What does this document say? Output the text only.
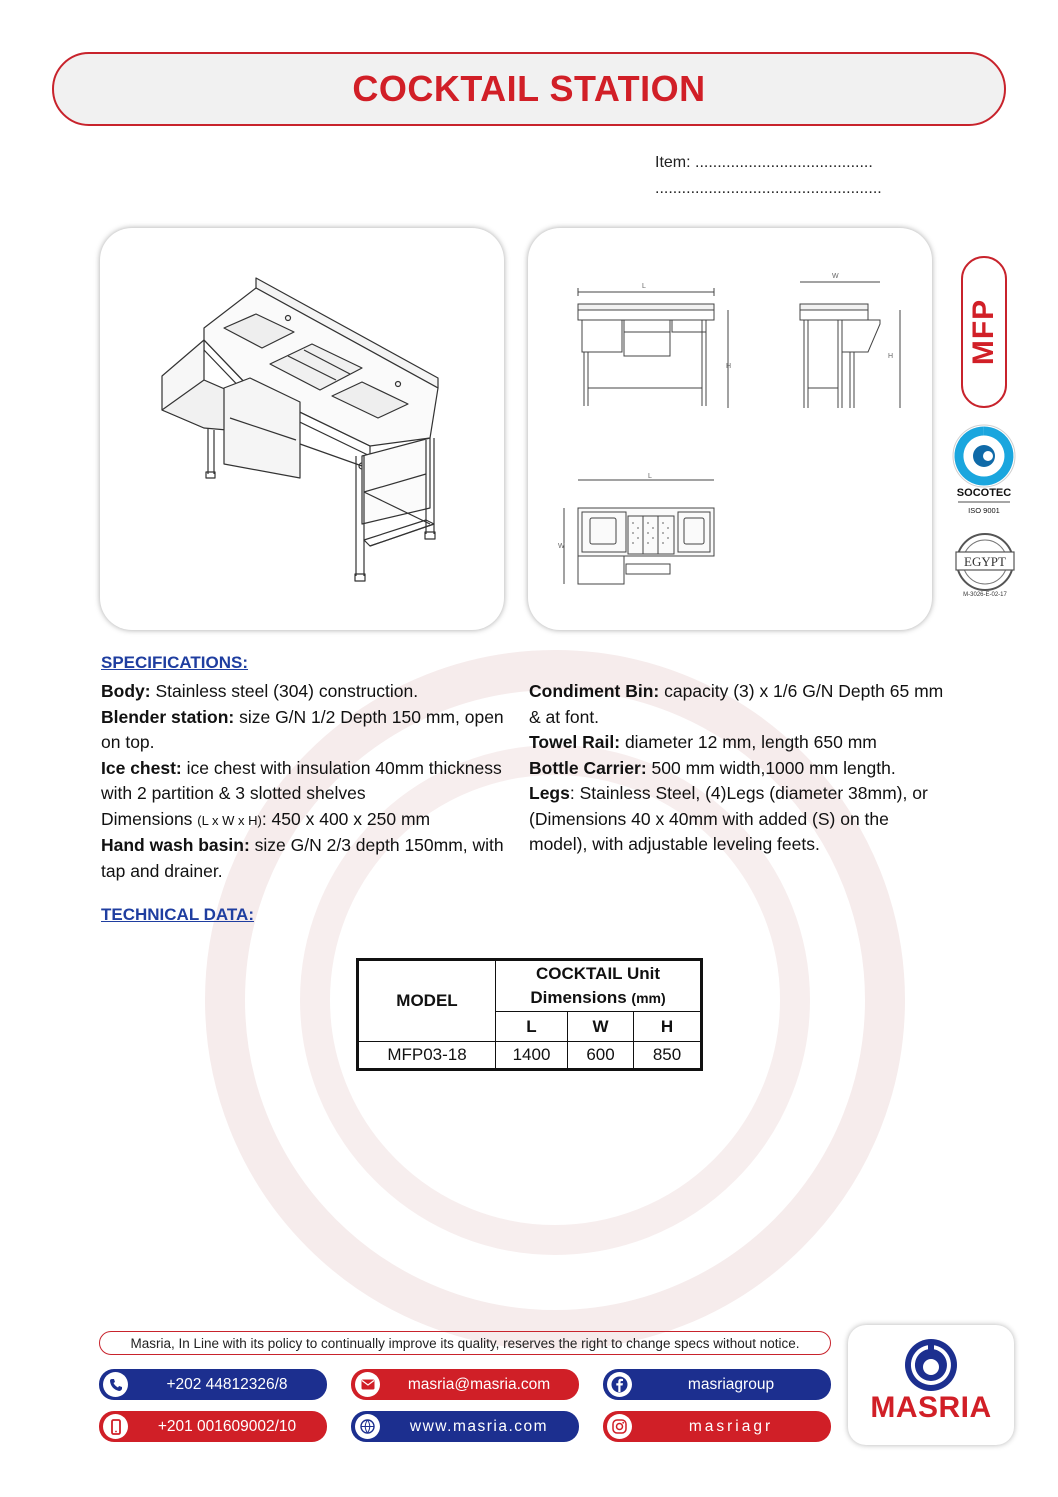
COCKTAIL STATION
Item: ........................................
...................................................
L
W
H
H
L
W
MFP
SOCOTEC
ISO 9001
EGYPT
M-3026-E-02-17
SPECIFICATIONS:

Body: Stainless steel (304) construction.

Blender station: size G/N 1/2 Depth 150 mm, open on top.

Ice chest: ice chest with insulation 40mm thickness with 2 partition & 3 slotted shelves

Dimensions (L x W x H): 450 x 400 x 250 mm

Hand wash basin: size G/N 2/3 depth 150mm, with tap and drainer.

Condiment Bin: capacity (3) x 1/6 G/N Depth 65 mm & at font.

Towel Rail: diameter 12 mm, length 650 mm

Bottle Carrier: 500 mm width,1000 mm length.

Legs: Stainless Steel, (4)Legs (diameter 38mm), or (Dimensions 40 x 40mm with added (S) on the model), with adjustable leveling feets.

TECHNICAL DATA:
MODEL	COCKTAIL Unit
Dimensions (mm)		

	L	W	H
MFP03-18	1400	600	850
Masria, In Line with its policy to continually improve its quality, reserves the right to change specs without notice.
+202 44812326/8
+201 001609002/10
masria@masria.com
www.masria.com
masriagroup
masriagr
MASRIA
